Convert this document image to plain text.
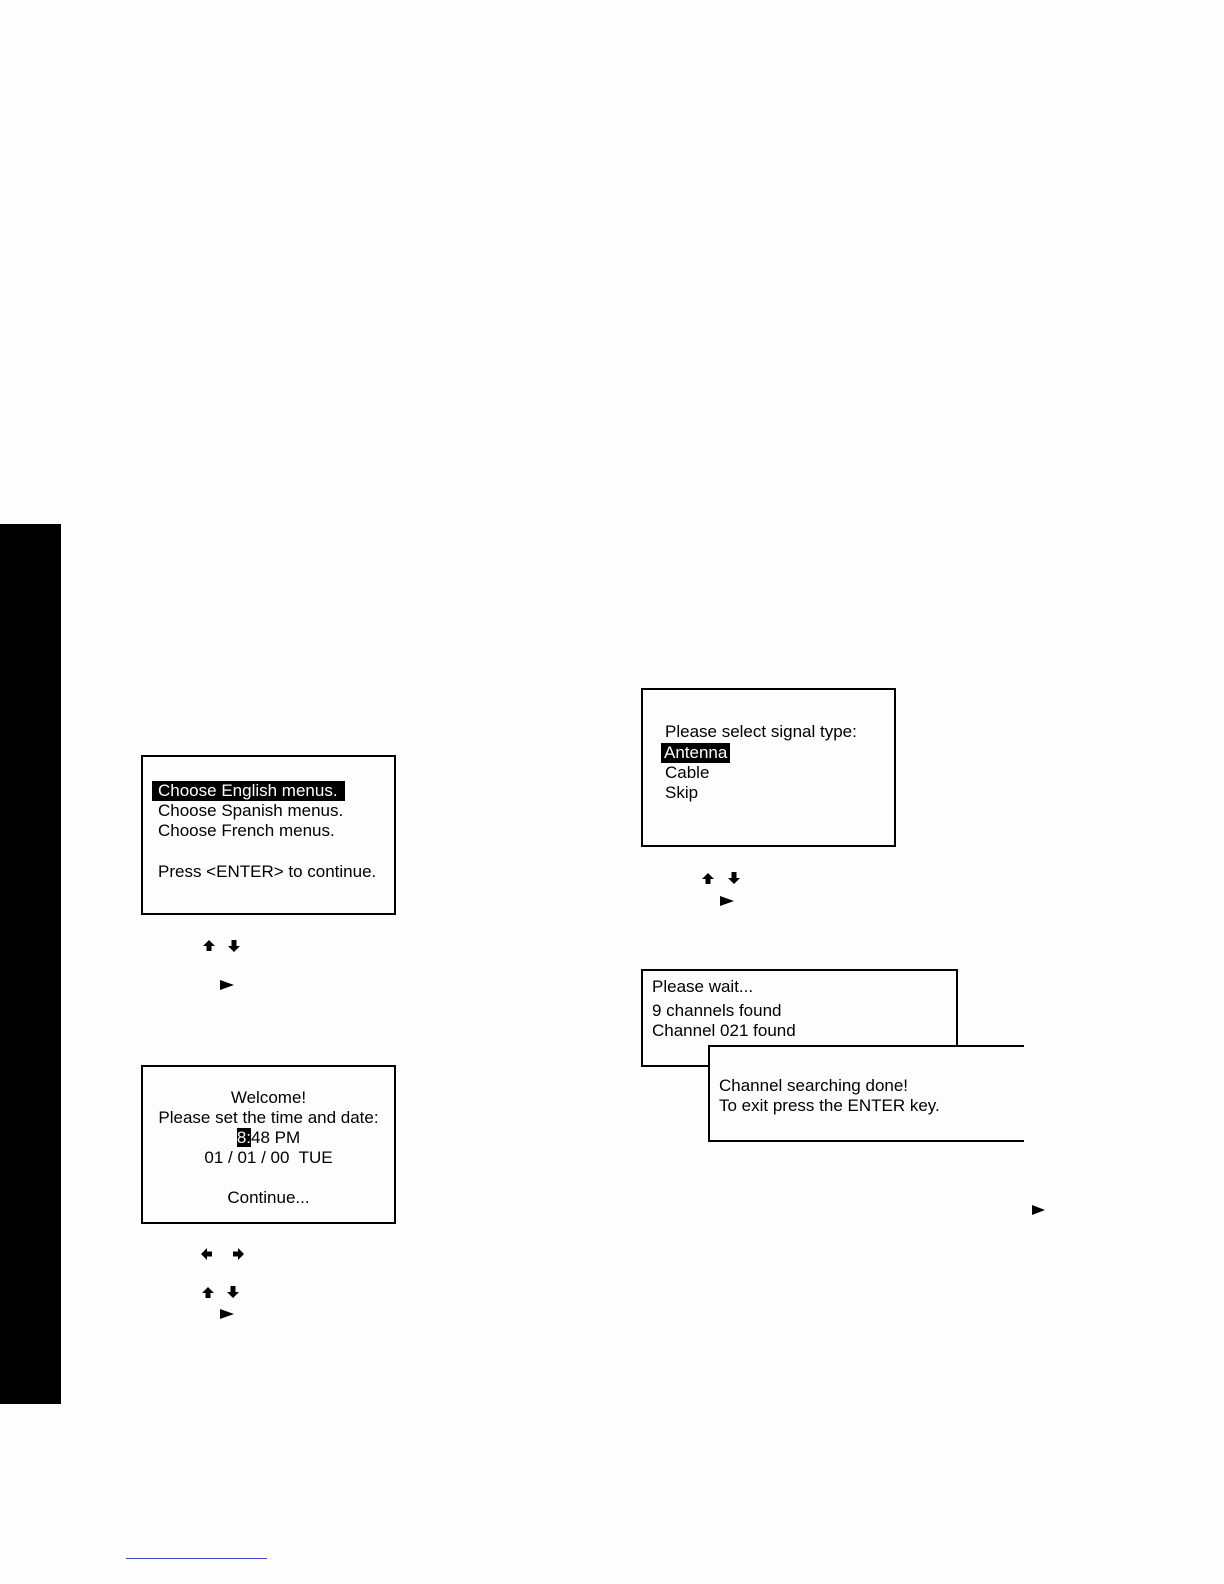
Choose English menus.
Choose Spanish menus.
Choose French menus.
Press <ENTER> to continue.
Welcome!
Please set the time and date:
8:48 PM
01 / 01 / 00  TUE
Continue...
Please select signal type:
Antenna
Cable
Skip
Please wait...
9 channels found
Channel 021 found
Channel searching done!
To exit press the ENTER key.
